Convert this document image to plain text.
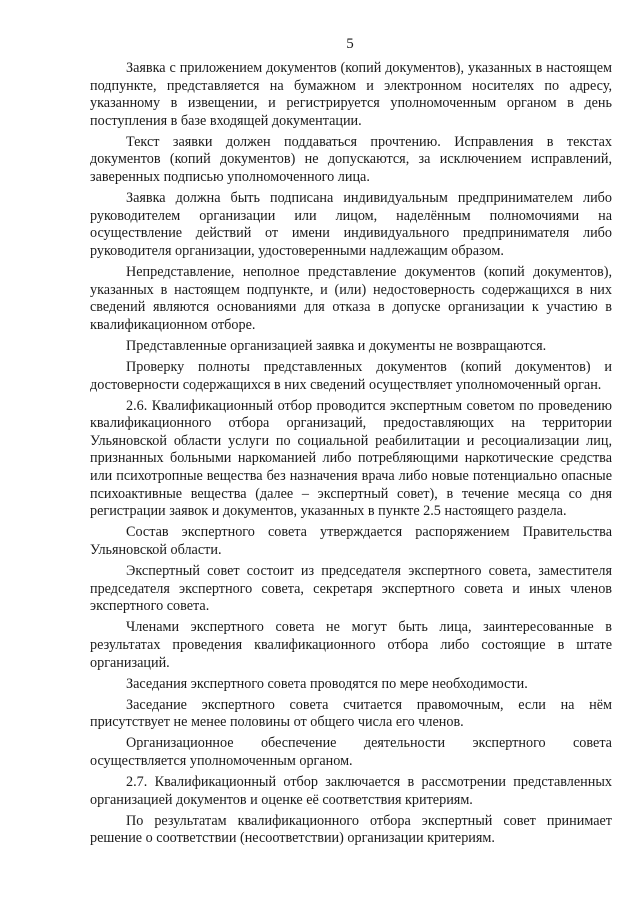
5

Заявка с приложением документов (копий документов), указанных в настоящем подпункте, представляется на бумажном и электронном носителях по адресу, указанному в извещении, и регистрируется уполномоченным органом в день поступления в базе входящей документации.

Текст заявки должен поддаваться прочтению. Исправления в текстах документов (копий документов) не допускаются, за исключением исправлений, заверенных подписью уполномоченного лица.

Заявка должна быть подписана индивидуальным предпринимателем либо руководителем организации или лицом, наделённым полномочиями на осуществление действий от имени индивидуального предпринимателя либо руководителя организации, удостоверенными надлежащим образом.

Непредставление, неполное представление документов (копий документов), указанных в настоящем подпункте, и (или) недостоверность содержащихся в них сведений являются основаниями для отказа в допуске организации к участию в квалификационном отборе.

Представленные организацией заявка и документы не возвращаются.

Проверку полноты представленных документов (копий документов) и достоверности содержащихся в них сведений осуществляет уполномоченный орган.

2.6. Квалификационный отбор проводится экспертным советом по проведению квалификационного отбора организаций, предоставляющих на территории Ульяновской области услуги по социальной реабилитации и ресоциализации лиц, признанных больными наркоманией либо потребляющими наркотические средства или психотропные вещества без назначения врача либо новые потенциально опасные психоактивные вещества (далее – экспертный совет), в течение месяца со дня регистрации заявок и документов, указанных в пункте 2.5 настоящего раздела.

Состав экспертного совета утверждается распоряжением Правительства Ульяновской области.

Экспертный совет состоит из председателя экспертного совета, заместителя председателя экспертного совета, секретаря экспертного совета и иных членов экспертного совета.

Членами экспертного совета не могут быть лица, заинтересованные в результатах проведения квалификационного отбора либо состоящие в штате организаций.

Заседания экспертного совета проводятся по мере необходимости.

Заседание экспертного совета считается правомочным, если на нём присутствует не менее половины от общего числа его членов.

Организационное обеспечение деятельности экспертного совета осуществляется уполномоченным органом.

2.7. Квалификационный отбор заключается в рассмотрении представленных организацией документов и оценке её соответствия критериям.

По результатам квалификационного отбора экспертный совет принимает решение о соответствии (несоответствии) организации критериям.
